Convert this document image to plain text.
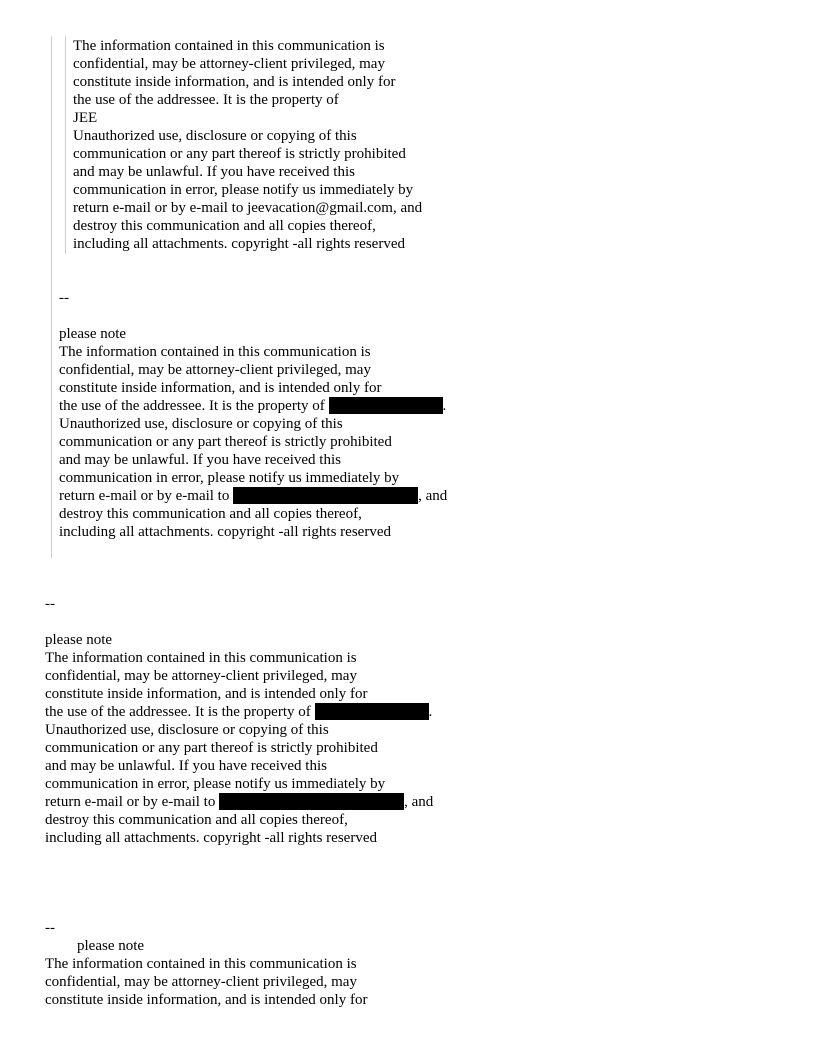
The information contained in this communication is
confidential, may be attorney-client privileged, may
constitute inside information, and is intended only for
the use of the addressee. It is the property of
JEE
Unauthorized use, disclosure or copying of this
communication or any part thereof is strictly prohibited
and may be unlawful. If you have received this
communication in error, please notify us immediately by
return e-mail or by e-mail to jeevacation@gmail.com, and
destroy this communication and all copies thereof,
including all attachments. copyright -all rights reserved
--
please note
The information contained in this communication is
confidential, may be attorney-client privileged, may
constitute inside information, and is intended only for
the use of the addressee. It is the property of	.
Unauthorized use, disclosure or copying of this
communication or any part thereof is strictly prohibited
and may be unlawful. If you have received this
communication in error, please notify us immediately by
return e-mail or by e-mail to	, and
destroy this communication and all copies thereof,
including all attachments. copyright -all rights reserved
--
please note
The information contained in this communication is
confidential, may be attorney-client privileged, may
constitute inside information, and is intended only for
the use of the addressee. It is the property of	.
Unauthorized use, disclosure or copying of this
communication or any part thereof is strictly prohibited
and may be unlawful. If you have received this
communication in error, please notify us immediately by
return e-mail or by e-mail to	, and
destroy this communication and all copies thereof,
including all attachments. copyright -all rights reserved
--
please note
The information contained in this communication is
confidential, may be attorney-client privileged, may
constitute inside information, and is intended only for
